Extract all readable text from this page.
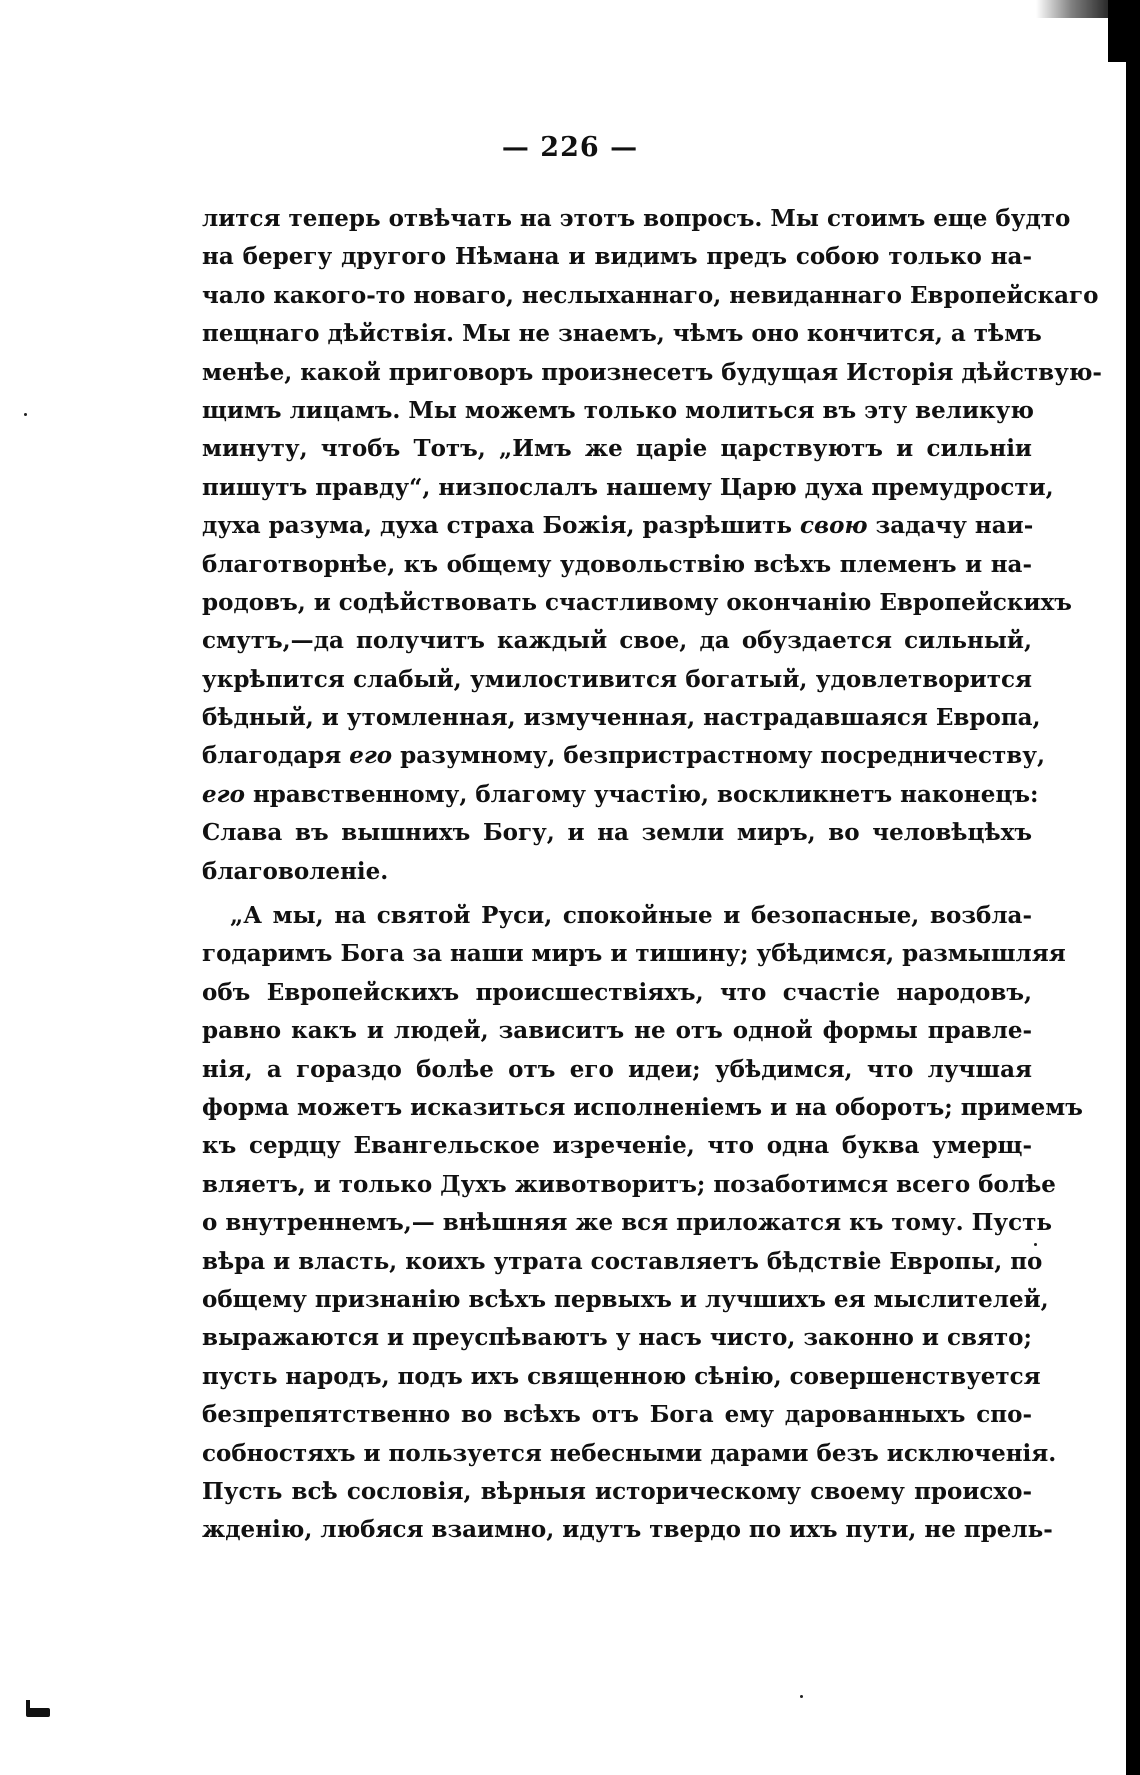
— 226 —
лится теперь отвѣчать на этотъ вопросъ. Мы стоимъ еще будто
на берегу другого Нѣмана и видимъ предъ собою только на-
чало какого-то новаго, неслыханнаго, невиданнаго Европейскаго
пещнаго дѣйствія. Мы не знаемъ, чѣмъ оно кончится, а тѣмъ
менѣе, какой приговоръ произнесетъ будущая Исторія дѣйствую-
щимъ лицамъ. Мы можемъ только молиться въ эту великую
минуту, чтобъ Тотъ, „Имъ же царіе царствуютъ и сильніи
пишутъ правду“, низпослалъ нашему Царю духа премудрости,
духа разума, духа страха Божія, разрѣшить свою задачу наи-
благотворнѣе, къ общему удовольствію всѣхъ племенъ и на-
родовъ, и содѣйствовать счастливому окончанію Европейскихъ
смутъ,—да получитъ каждый свое, да обуздается сильный,
укрѣпится слабый, умилостивится богатый, удовлетворится
бѣдный, и утомленная, измученная, настрадавшаяся Европа,
благодаря его разумному, безпристрастному посредничеству,
его нравственному, благому участію, воскликнетъ наконецъ:
Слава въ вышнихъ Богу, и на земли миръ, во человѣцѣхъ
благоволеніе.
„А мы, на святой Руси, спокойные и безопасные, возбла-
годаримъ Бога за наши миръ и тишину; убѣдимся, размышляя
объ Европейскихъ происшествіяхъ, что счастіе народовъ,
равно какъ и людей, зависитъ не отъ одной формы правле-
нія, а гораздо болѣе отъ его идеи; убѣдимся, что лучшая
форма можетъ исказиться исполненіемъ и на оборотъ; примемъ
къ сердцу Евангельское изреченіе, что одна буква умерщ-
вляетъ, и только Духъ животворитъ; позаботимся всего болѣе
о внутреннемъ,— внѣшняя же вся приложатся къ тому. Пусть
вѣра и власть, коихъ утрата составляетъ бѣдствіе Европы, по
общему признанію всѣхъ первыхъ и лучшихъ ея мыслителей,
выражаются и преуспѣваютъ у насъ чисто, законно и свято;
пусть народъ, подъ ихъ священною сѣнію, совершенствуется
безпрепятственно во всѣхъ отъ Бога ему дарованныхъ спо-
собностяхъ и пользуется небесными дарами безъ исключенія.
Пусть всѣ сословія, вѣрныя историческому своему происхо-
жденію, любяся взаимно, идутъ твердо по ихъ пути, не прель-
